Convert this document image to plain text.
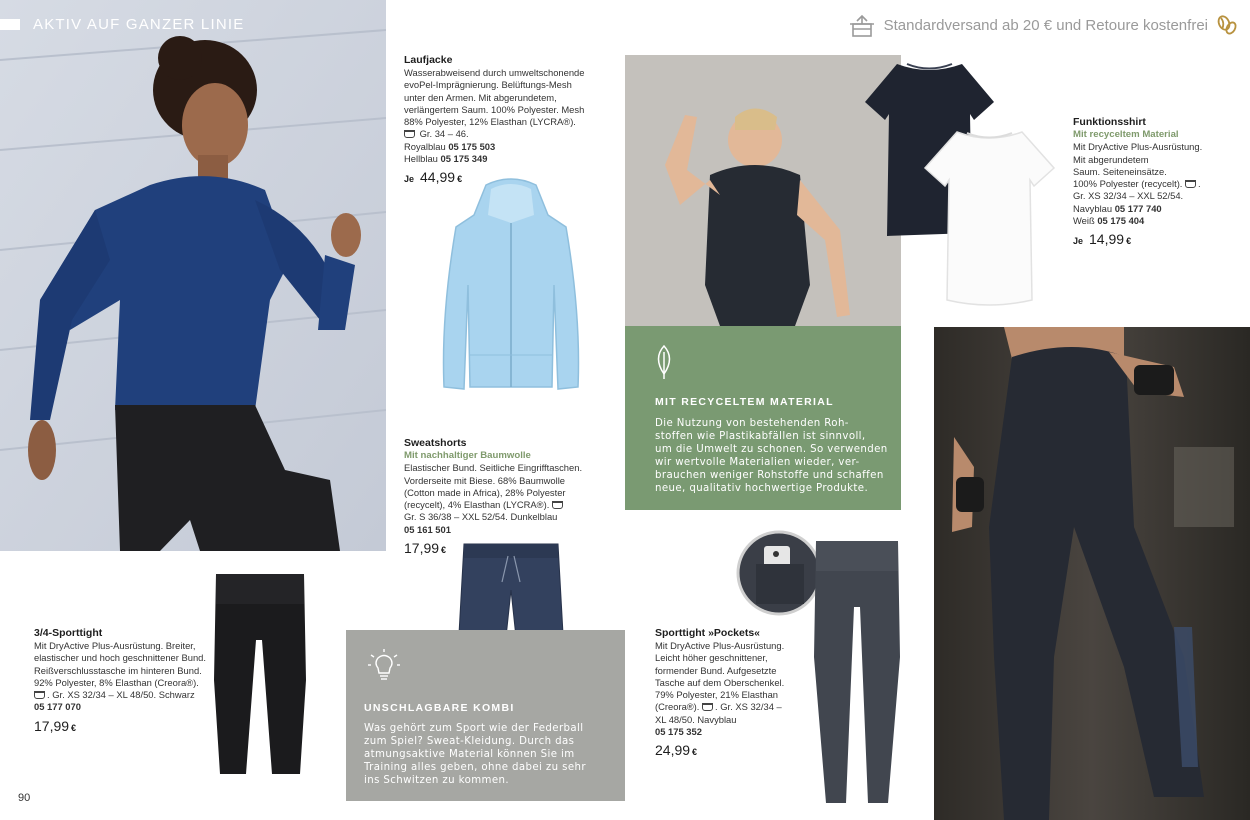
AKTIV AUF GANZER LINIE	Standardversand ab 20 € und Retoure kostenfrei
Laufjacke
Wasserabweisend durch umweltschonende
evoPel-Imprägnierung. Belüftungs-Mesh
unter den Armen. Mit abgerundetem,
verlängertem Saum. 100% Polyester. Mesh
88% Polyester, 12% Elasthan (LYCRA®).
Gr. 34 – 46.
Royalblau 05 175 503
Hellblau 05 175 349
Je 44,99 €
Sweatshorts
Mit nachhaltiger Baumwolle
Elastischer Bund. Seitliche Eingrifftaschen.
Vorderseite mit Biese. 68% Baumwolle
(Cotton made in Africa), 28% Polyester
(recycelt), 4% Elasthan (LYCRA®).
Gr. S 36/38 – XXL 52/54. Dunkelblau
05 161 501
17,99 €
Funktionsshirt
Mit recyceltem Material
Mit DryActive Plus-Ausrüstung.
Mit abgerundetem
Saum. Seiteneinsätze.
100% Polyester (recycelt). .
Gr. XS 32/34 – XXL 52/54.
Navyblau 05 177 740
Weiß 05 175 404
Je 14,99 €
MIT RECYCELTEM MATERIAL
Die Nutzung von bestehenden Roh-
stoffen wie Plastikabfällen ist sinnvoll,
um die Umwelt zu schonen. So verwenden
wir wertvolle Materialien wieder, ver-
brauchen weniger Rohstoffe und schaffen
neue, qualitativ hochwertige Produkte.
3/4-Sporttight
Mit DryActive Plus-Ausrüstung. Breiter,
elastischer und hoch geschnittener Bund.
Reißverschlusstasche im hinteren Bund.
92% Polyester, 8% Elasthan (Creora®).
. Gr. XS 32/34 – XL 48/50. Schwarz
05 177 070
17,99 €
UNSCHLAGBARE KOMBI
Was gehört zum Sport wie der Federball
zum Spiel? Sweat-Kleidung. Durch das
atmungsaktive Material können Sie im
Training alles geben, ohne dabei zu sehr
ins Schwitzen zu kommen.
Sporttight »Pockets«
Mit DryActive Plus-Ausrüstung.
Leicht höher geschnittener,
formender Bund. Aufgesetzte
Tasche auf dem Oberschenkel.
79% Polyester, 21% Elasthan
(Creora®). . Gr. XS 32/34 –
XL 48/50. Navyblau
05 175 352
24,99 €
90
